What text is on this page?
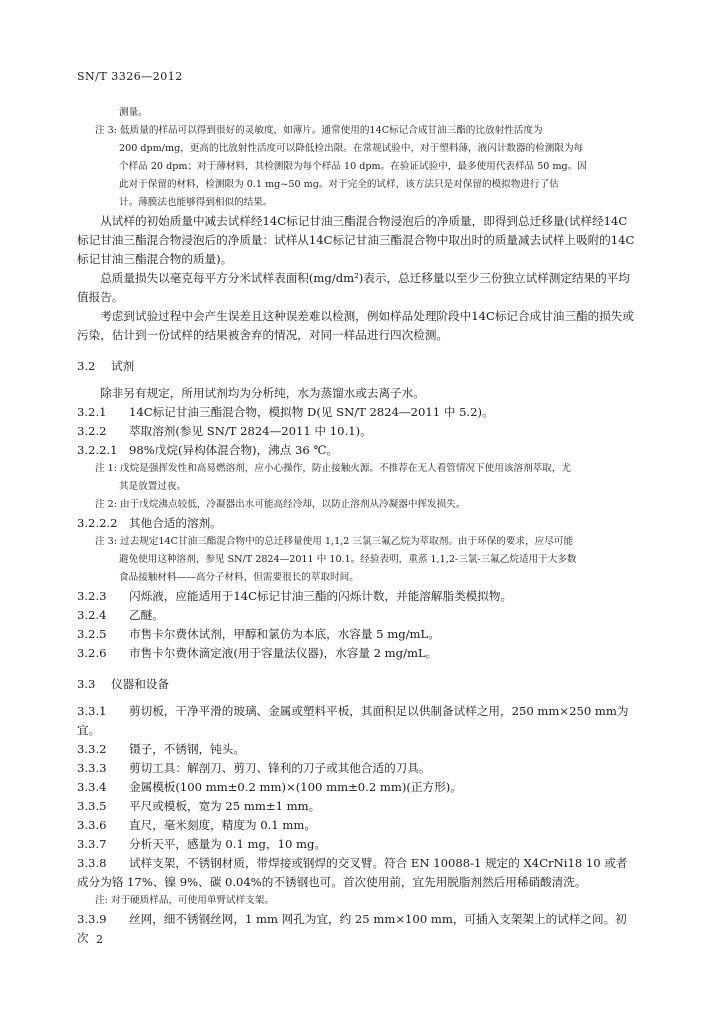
SN/T 3326—2012

测量。

注 3: 低质量的样品可以得到很好的灵敏度，如薄片。通常使用的14C标记合成甘油三酯的比放射性活度为

200 dpm/mg，更高的比放射性活度可以降低检出限。在常规试验中，对于塑料薄，液闪计数器的检测限为每

个样品 20 dpm；对于薄材料，其检测限为每个样品 10 dpm。在验证试验中，最多使用代表样品 50 mg。因

此对于保留的材料，检测限为 0.1 mg~50 mg。对于完全的试样，该方法只是对保留的模拟物进行了估

计。薄膜法也能够得到相似的结果。

从试样的初始质量中减去试样经14C标记甘油三酯混合物浸泡后的净质量，即得到总迁移量(试样经14C标记甘油三酯混合物浸泡后的净质量：试样从14C标记甘油三酯混合物中取出时的质量减去试样上吸附的14C标记甘油三酯混合物的质量)。

总质量损失以毫克每平方分米试样表面积(mg/dm²)表示，总迁移量以至少三份独立试样测定结果的平均值报告。

考虑到试验过程中会产生误差且这种误差难以检测，例如样品处理阶段中14C标记合成甘油三酯的损失或污染，估计到一份试样的结果被舍弃的情况，对同一样品进行四次检测。

3.2 试剂

除非另有规定，所用试剂均为分析纯，水为蒸馏水或去离子水。

3.2.1 14C标记甘油三酯混合物，模拟物 D(见 SN/T 2824—2011 中 5.2)。

3.2.2 萃取溶剂(参见 SN/T 2824—2011 中 10.1)。

3.2.2.1 98%戊烷(异构体混合物)，沸点 36 ℃。

注 1: 戊烷是强挥发性和高易燃溶剂，应小心操作，防止接触火源。不推荐在无人看管情况下使用该溶剂萃取，尤

其是放置过夜。

注 2: 由于戊烷沸点较低，冷凝器出水可能高经冷却，以防止溶剂从冷凝器中挥发损失。

3.2.2.2 其他合适的溶剂。

注 3: 过去规定14C甘油三酯混合物中的总迁移量使用 1,1,2 三氯三氟乙烷为萃取剂。由于环保的要求，应尽可能

避免使用这种溶剂，参见 SN/T 2824—2011 中 10.1。经验表明，重蒸 1,1,2-三氯-三氟乙烷适用于大多数

食品接触材料——高分子材料，但需要很长的萃取时间。

3.2.3 闪烁液，应能适用于14C标记甘油三酯的闪烁计数，并能溶解脂类模拟物。

3.2.4 乙醚。

3.2.5 市售卡尔费休试剂，甲醇和氯仿为本底，水容量 5 mg/mL。

3.2.6 市售卡尔费休滴定液(用于容量法仪器)，水容量 2 mg/mL。

3.3 仪器和设备

3.3.1 剪切板，干净平滑的玻璃、金属或塑料平板，其面积足以供制备试样之用，250 mm×250 mm为宜。

3.3.2 镊子，不锈钢，钝头。

3.3.3 剪切工具：解剖刀、剪刀、锋利的刀子或其他合适的刀具。

3.3.4 金属模板(100 mm±0.2 mm)×(100 mm±0.2 mm)(正方形)。

3.3.5 平尺或模板，宽为 25 mm±1 mm。

3.3.6 直尺，毫米刻度，精度为 0.1 mm。

3.3.7 分析天平，感量为 0.1 mg，10 mg。

3.3.8 试样支架，不锈钢材质，带焊接或钢焊的交叉臂。符合 EN 10088-1 规定的 X4CrNi18 10 或者成分为铬 17%、镍 9%、碳 0.04%的不锈钢也可。首次使用前，宜先用脱脂剂然后用稀硝酸清洗。

注: 对于硬质样品，可使用单臂试样支架。

3.3.9 丝网，细不锈钢丝网，1 mm 网孔为宜，约 25 mm×100 mm，可插入支架架上的试样之间。初次 2
